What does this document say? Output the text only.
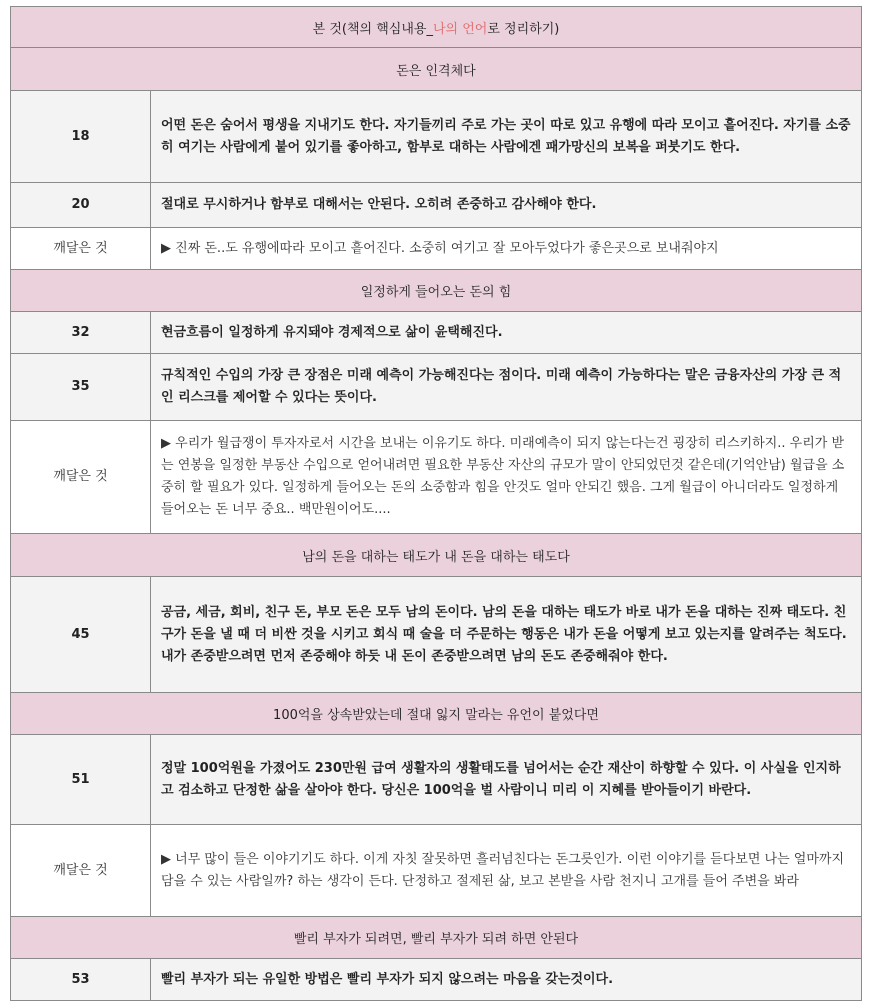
본 것(책의 핵심내용_나의 언어로 정리하기)	
돈은 인격체다	
18	어떤 돈은 숨어서 평생을 지내기도 한다. 자기들끼리 주로 가는 곳이 따로 있고 유행에 따라 모이고 흩어진다. 자기를 소중히 여기는 사람에게 붙어 있기를 좋아하고, 함부로 대하는 사람에겐 패가망신의 보복을 퍼붓기도 한다.
20	절대로 무시하거나 함부로 대해서는 안된다. 오히려 존중하고 감사해야 한다.
깨달은 것	▶ 진짜 돈..도 유행에따라 모이고 흩어진다. 소중히 여기고 잘 모아두었다가 좋은곳으로 보내줘야지
일정하게 들어오는 돈의 힘	
32	현금흐름이 일정하게 유지돼야 경제적으로 삶이 윤택해진다.
35	규칙적인 수입의 가장 큰 장점은 미래 예측이 가능해진다는 점이다. 미래 예측이 가능하다는 말은 금융자산의 가장 큰 적인 리스크를 제어할 수 있다는 뜻이다.
깨달은 것	▶ 우리가 월급쟁이 투자자로서 시간을 보내는 이유기도 하다. 미래예측이 되지 않는다는건 굉장히 리스키하지.. 우리가 받는 연봉을 일정한 부동산 수입으로 얻어내려면 필요한 부동산 자산의 규모가 말이 안되었던것 같은데(기억안남) 월급을 소중히 할 필요가 있다. 일정하게 들어오는 돈의 소중함과 힘을 안것도 얼마 안되긴 했음. 그게 월급이 아니더라도 일정하게 들어오는 돈 너무 중요.. 백만원이어도....
남의 돈을 대하는 태도가 내 돈을 대하는 태도다	
45	공금, 세금, 회비, 친구 돈, 부모 돈은 모두 남의 돈이다. 남의 돈을 대하는 태도가 바로 내가 돈을 대하는 진짜 태도다. 친구가 돈을 낼 때 더 비싼 것을 시키고 회식 때 술을 더 주문하는 행동은 내가 돈을 어떻게 보고 있는지를 알려주는 척도다. 내가 존중받으려면 먼저 존중해야 하듯 내 돈이 존중받으려면 남의 돈도 존중해줘야 한다.
100억을 상속받았는데 절대 잃지 말라는 유언이 붙었다면	
51	정말 100억원을 가졌어도 230만원 급여 생활자의 생활태도를 넘어서는 순간 재산이 하향할 수 있다. 이 사실을 인지하고 검소하고 단정한 삶을 살아야 한다. 당신은 100억을 벌 사람이니 미리 이 지혜를 받아들이기 바란다.
깨달은 것	▶ 너무 많이 들은 이야기기도 하다. 이게 자칫 잘못하면 흘러넘친다는 돈그릇인가. 이런 이야기를 듣다보면 나는 얼마까지 담을 수 있는 사람일까? 하는 생각이 든다. 단정하고 절제된 삶, 보고 본받을 사람 천지니 고개를 들어 주변을 봐라
빨리 부자가 되려면, 빨리 부자가 되려 하면 안된다	
53	빨리 부자가 되는 유일한 방법은 빨리 부자가 되지 않으려는 마음을 갖는것이다.
